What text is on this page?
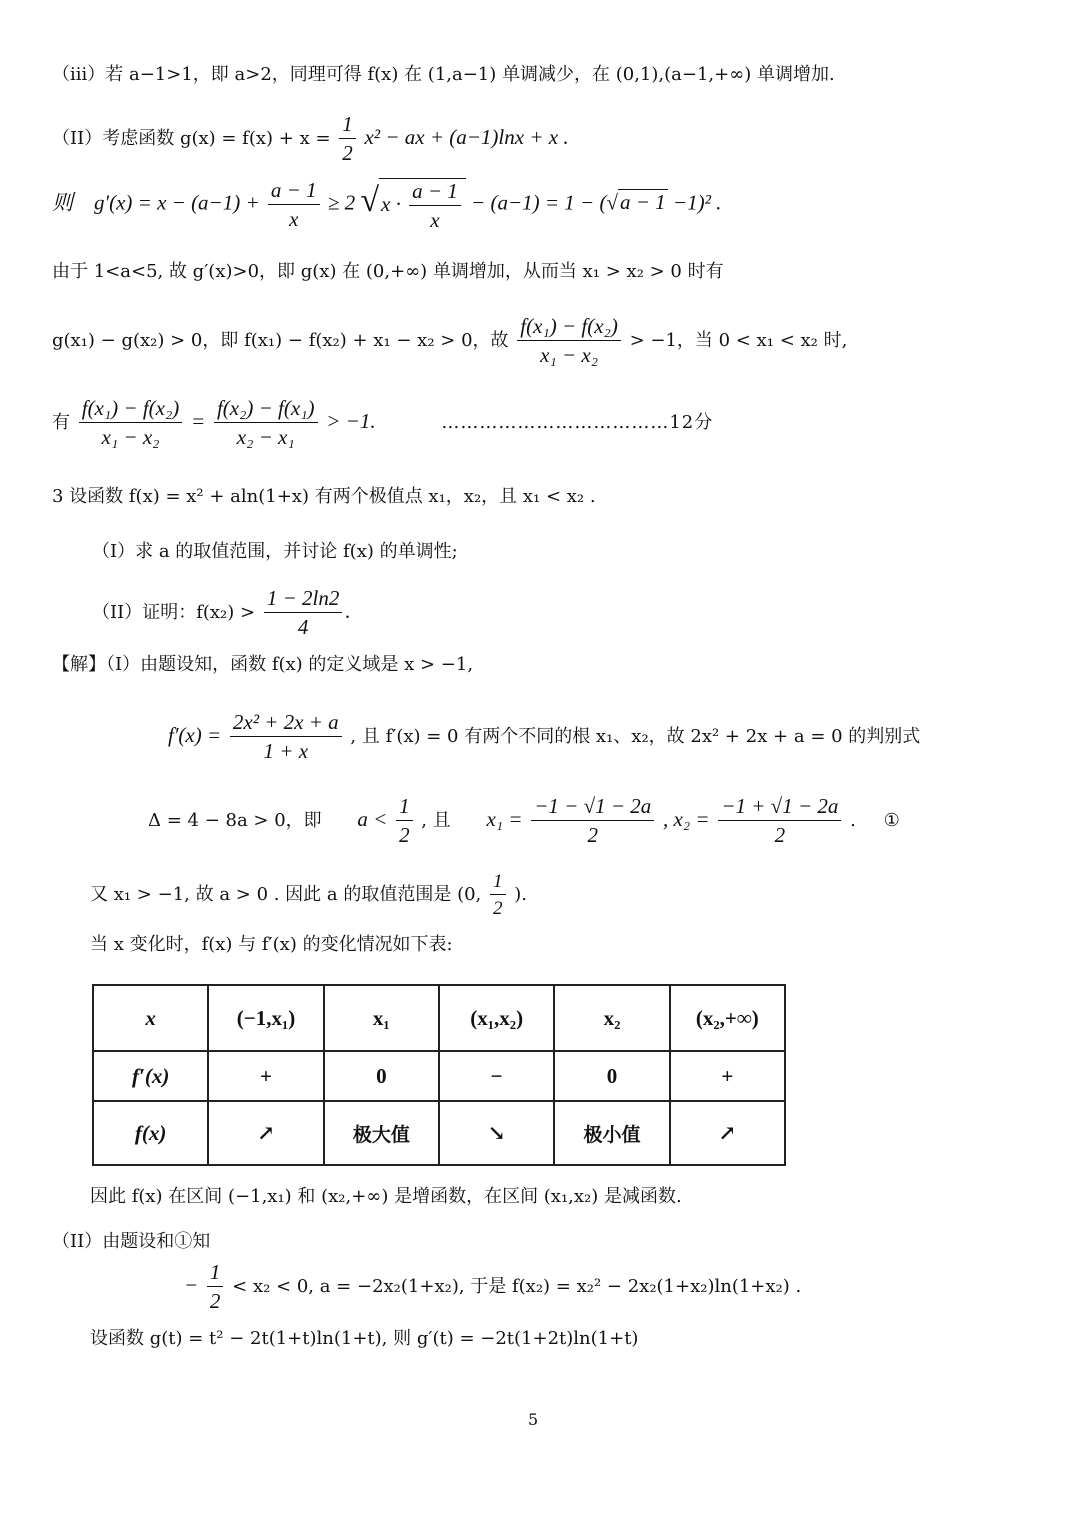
（iii）若 a−1>1，即 a>2，同理可得 f(x) 在 (1,a−1) 单调减少，在 (0,1),(a−1,+∞) 单调增加.
（II）考虑函数 $g(x) = f(x) + x = \frac{1}{2} x^2$ − ax + (a−1)lnx + x .
则　$g'(x) = x - (a-1) + \frac{a - 1}{x} \ge 2$ $√x \cdot \frac{a - 1}{x} - (a-1) = 1 - (√a - 1 -1)^2$ .
由于 1<a<5, 故 g′(x)>0，即 g(x) 在 (0,+∞) 单调增加，从而当 x₁ > x₂ > 0 时有
g(x₁) − g(x₂) > 0，即 f(x₁) − f(x₂) + x₁ − x₂ > 0，故 $\frac{\text{f(x₁) − f(x₂)}}{\text{x₁ − x₂}} > -1$，当 0 < x₁ < x₂ 时,
有 $\frac{\text{f(x₁) − f(x₂)}}{\text{x₁ − x₂}} = \frac{\text{f(x₂) − f(x₁)}}{\text{x₂ − x₁}} > -1$.	………………………………12分
3 设函数 f(x) = x² + aln(1+x) 有两个极值点 x₁，x₂，且 x₁ < x₂ .
（I）求 a 的取值范围，并讨论 f(x) 的单调性;
（II）证明：$f(x_2) > \frac{1 - 2\ln 2}{4}$ .
【解】（I）由题设知，函数 f(x) 的定义域是 x > −1,
$f'(x) = \frac{\text{2x² + 2x + a}}{1 + x}$ , 且 f′(x) = 0 有两个不同的根 x₁、x₂，故 2x² + 2x + a = 0 的判别式
Δ = 4 − 8a > 0，即 $a < \frac{1}{2}$ , 且 $x_1 = \frac{-1 - √1 - 2a}{2}$ , $x_2 = \frac{-1 + √1 - 2a}{2}$ . ①
又 x₁ > −1, 故 a > 0 . 因此 a 的取值范围是 (0, $\frac{1}{2}$ ).
当 x 变化时，f(x) 与 f′(x) 的变化情况如下表:
x	(−1,x₁)	x₁	(x₁,x₂)	x₂	(x₂,+∞)
f′(x)	+	0	−	0	+
f(x)	↗	极大值	↘	极小值	↗
因此 f(x) 在区间 (−1,x₁) 和 (x₂,+∞) 是增函数，在区间 (x₁,x₂) 是减函数.
（II）由题设和①知
− $\frac{1}{2} < x_2 < 0$, a = −2x₂(1+x₂), 于是 f(x₂) = x₂² − 2x₂(1+x₂)ln(1+x₂) .
设函数 g(t) = t² − 2t(1+t)ln(1+t), 则 g′(t) = −2t(1+2t)ln(1+t)
5
